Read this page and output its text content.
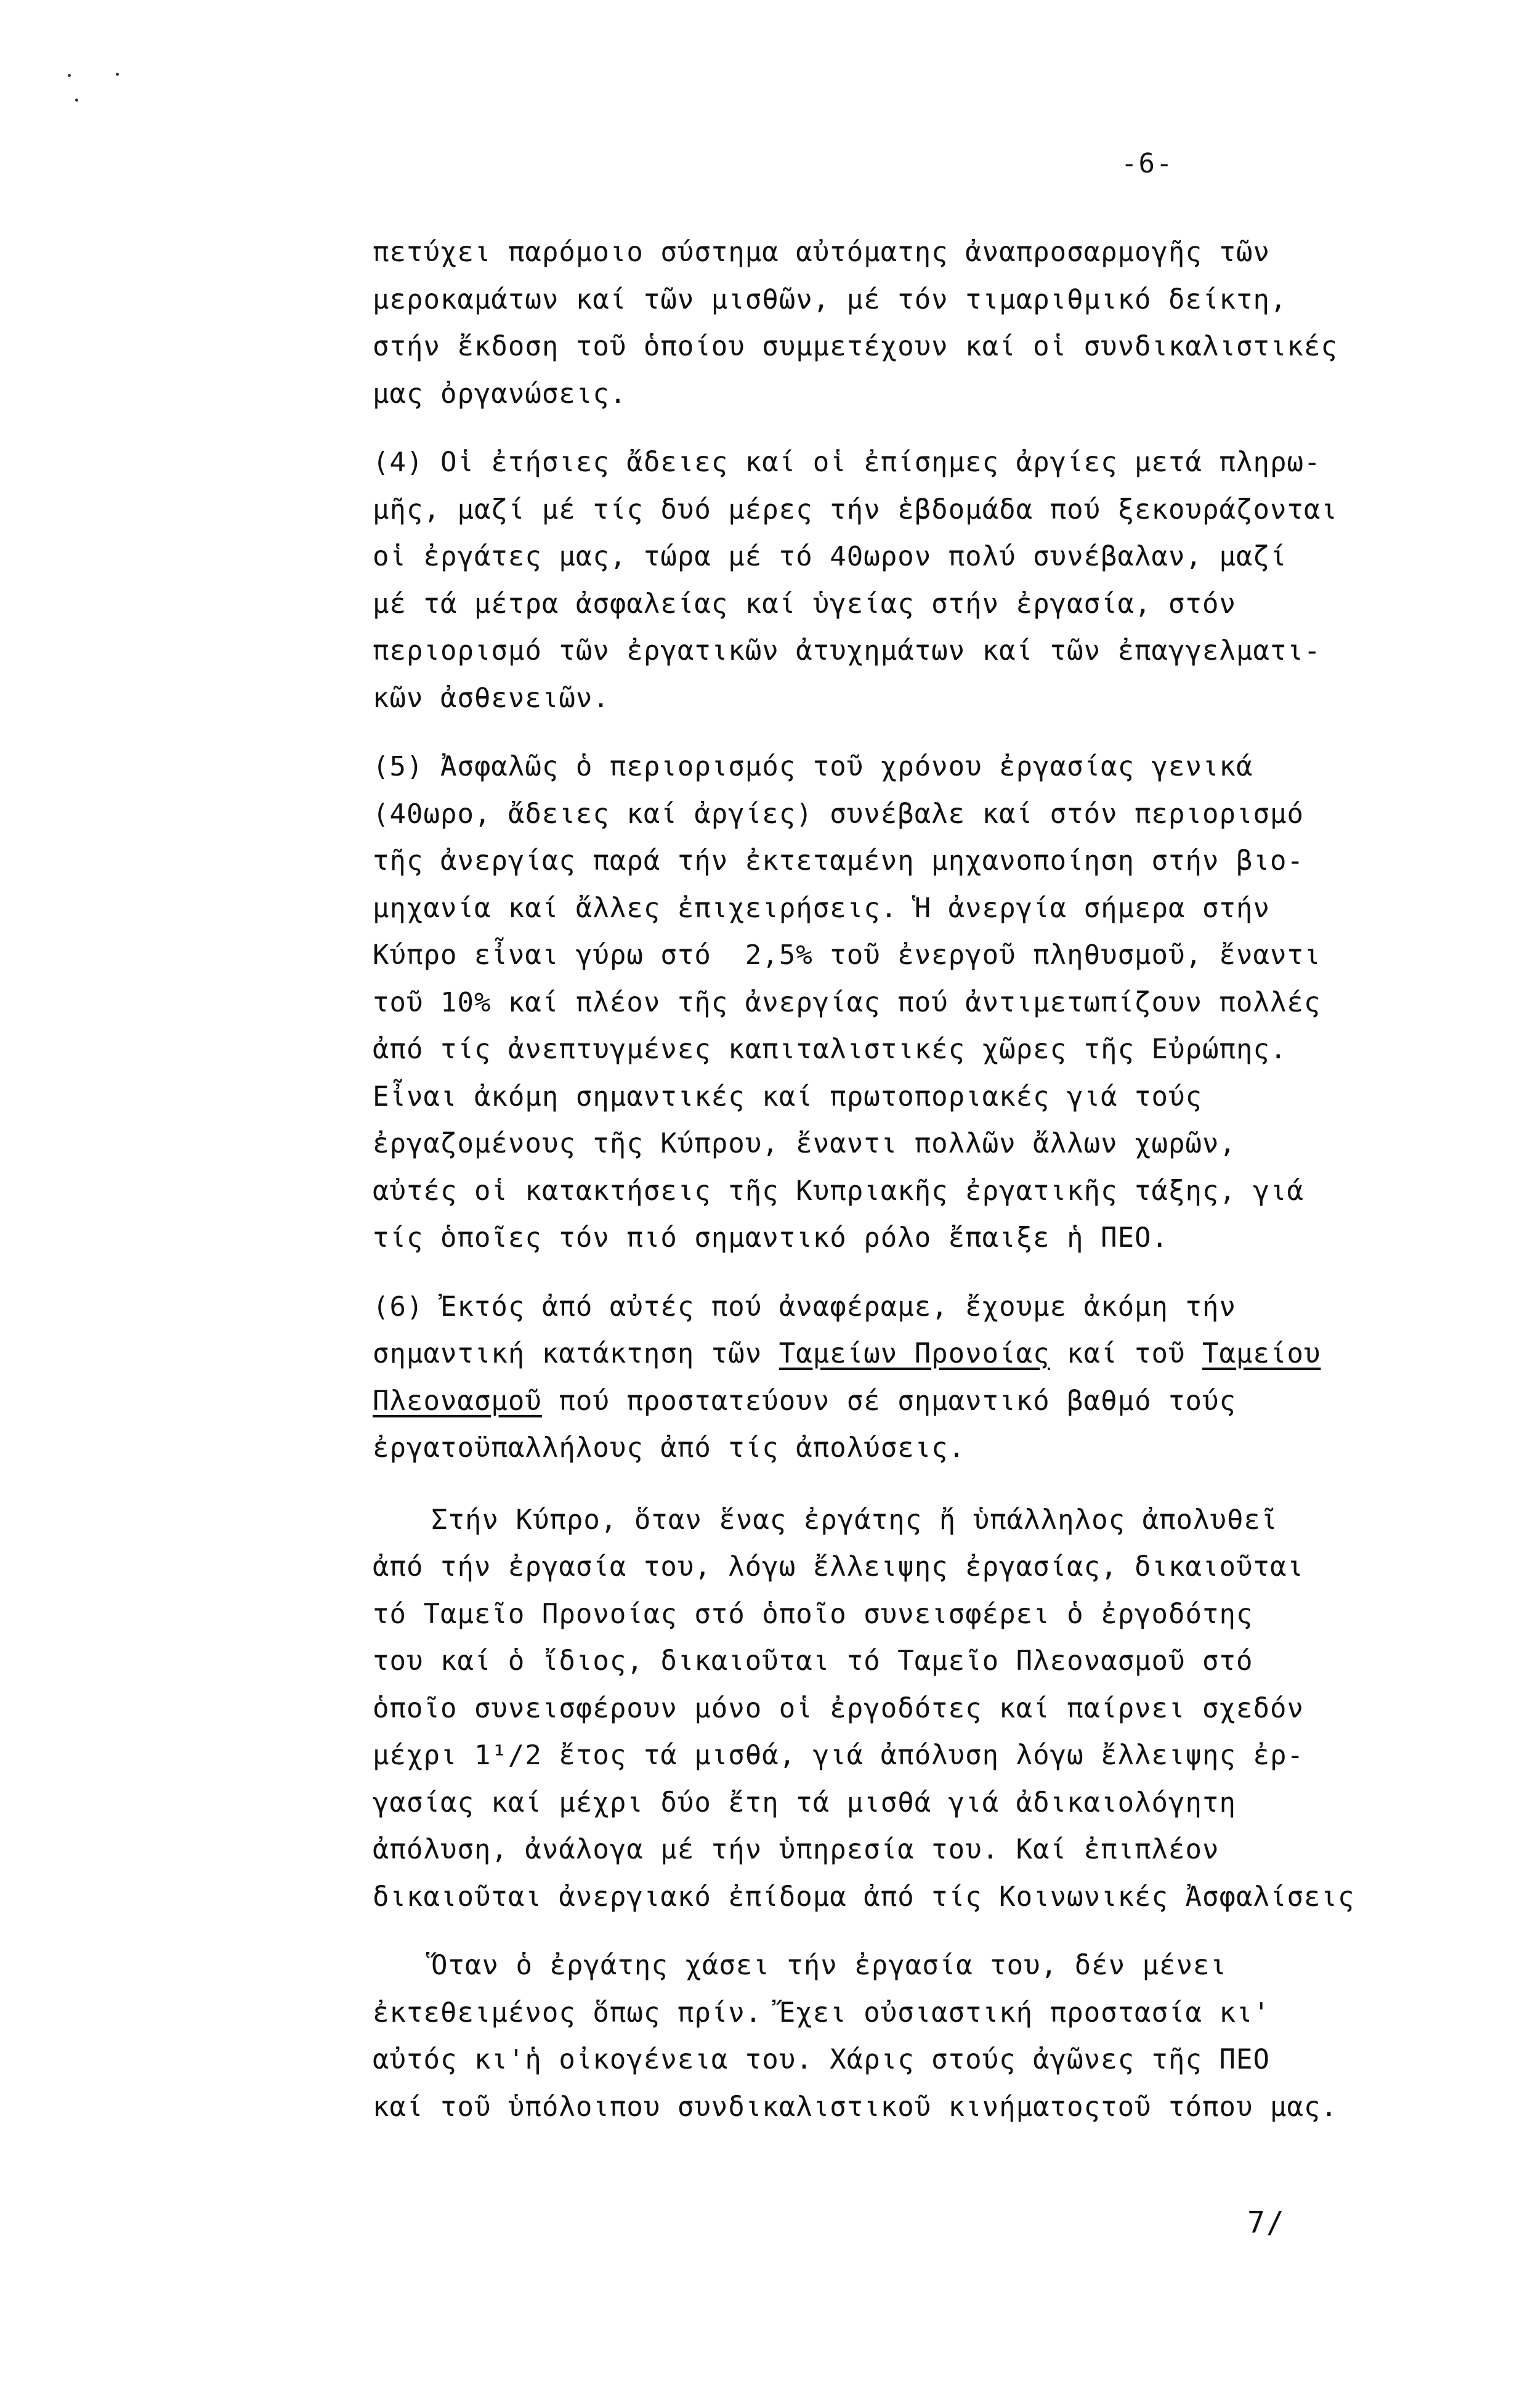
-6-
πετύχει παρόμοιο σύστημα αὐτόματης ἀναπροσαρμογῆς τῶν
μεροκαμάτων καί τῶν μισθῶν, μέ τόν τιμαριθμικό δείκτη,
στήν ἔκδοση τοῦ ὁποίου συμμετέχουν καί οἱ συνδικαλιστικές
μας ὀργανώσεις.
(4) Οἱ ἐτήσιες ἄδειες καί οἱ ἐπίσημες ἀργίες μετά πληρω-
μῆς, μαζί μέ τίς δυό μέρες τήν ἑβδομάδα πού ξεκουράζονται
οἱ ἐργάτες μας, τώρα μέ τό 40ωρον πολύ συνέβαλαν, μαζί
μέ τά μέτρα ἀσφαλείας καί ὑγείας στήν ἐργασία, στόν
περιορισμό τῶν ἐργατικῶν ἀτυχημάτων καί τῶν ἐπαγγελματι-
κῶν ἀσθενειῶν.
(5) Ἀσφαλῶς ὁ περιορισμός τοῦ χρόνου ἐργασίας γενικά
(40ωρο, ἄδειες καί ἀργίες) συνέβαλε καί στόν περιορισμό
τῆς ἀνεργίας παρά τήν ἐκτεταμένη μηχανοποίηση στήν βιο-
μηχανία καί ἄλλες ἐπιχειρήσεις. Ἡ ἀνεργία σήμερα στήν
Κύπρο εἶναι γύρω στό  2,5% τοῦ ἐνεργοῦ πληθυσμοῦ, ἔναντι
τοῦ 10% καί πλέον τῆς ἀνεργίας πού ἀντιμετωπίζουν πολλές
ἀπό τίς ἀνεπτυγμένες καπιταλιστικές χῶρες τῆς Εὐρώπης.
Εἶναι ἀκόμη σημαντικές καί πρωτοποριακές γιά τούς
ἐργαζομένους τῆς Κύπρου, ἔναντι πολλῶν ἄλλων χωρῶν,
αὐτές οἱ κατακτήσεις τῆς Κυπριακῆς ἐργατικῆς τάξης, γιά
τίς ὁποῖες τόν πιό σημαντικό ρόλο ἔπαιξε ἡ ΠΕΟ.
(6) Ἐκτός ἀπό αὐτές πού ἀναφέραμε, ἔχουμε ἀκόμη τήν
σημαντική κατάκτηση τῶν Ταμείων Προνοίας καί τοῦ Ταμείου
Πλεονασμοῦ πού προστατεύουν σέ σημαντικό βαθμό τούς
ἐργατοϋπαλλήλους ἀπό τίς ἀπολύσεις.
Στήν Κύπρο, ὅταν ἕνας ἐργάτης ἤ ὑπάλληλος ἀπολυθεῖ
ἀπό τήν ἐργασία του, λόγω ἔλλειψης ἐργασίας, δικαιοῦται
τό Ταμεῖο Προνοίας στό ὁποῖο συνεισφέρει ὁ ἐργοδότης
του καί ὁ ἴδιος, δικαιοῦται τό Ταμεῖο Πλεονασμοῦ στό
ὁποῖο συνεισφέρουν μόνο οἱ ἐργοδότες καί παίρνει σχεδόν
μέχρι 1¹/2 ἔτος τά μισθά, γιά ἀπόλυση λόγω ἔλλειψης ἐρ-
γασίας καί μέχρι δύο ἔτη τά μισθά γιά ἀδικαιολόγητη
ἀπόλυση, ἀνάλογα μέ τήν ὑπηρεσία του. Καί ἐπιπλέον
δικαιοῦται ἀνεργιακό ἐπίδομα ἀπό τίς Κοινωνικές Ἀσφαλίσεις
Ὅταν ὁ ἐργάτης χάσει τήν ἐργασία του, δέν μένει
ἐκτεθειμένος ὅπως πρίν. Ἔχει οὐσιαστική προστασία κι'
αὐτός κι'ἡ οἰκογένεια του. Χάρις στούς ἀγῶνες τῆς ΠΕΟ
καί τοῦ ὑπόλοιπου συνδικαλιστικοῦ κινήματοςτοῦ τόπου μας.
7/
